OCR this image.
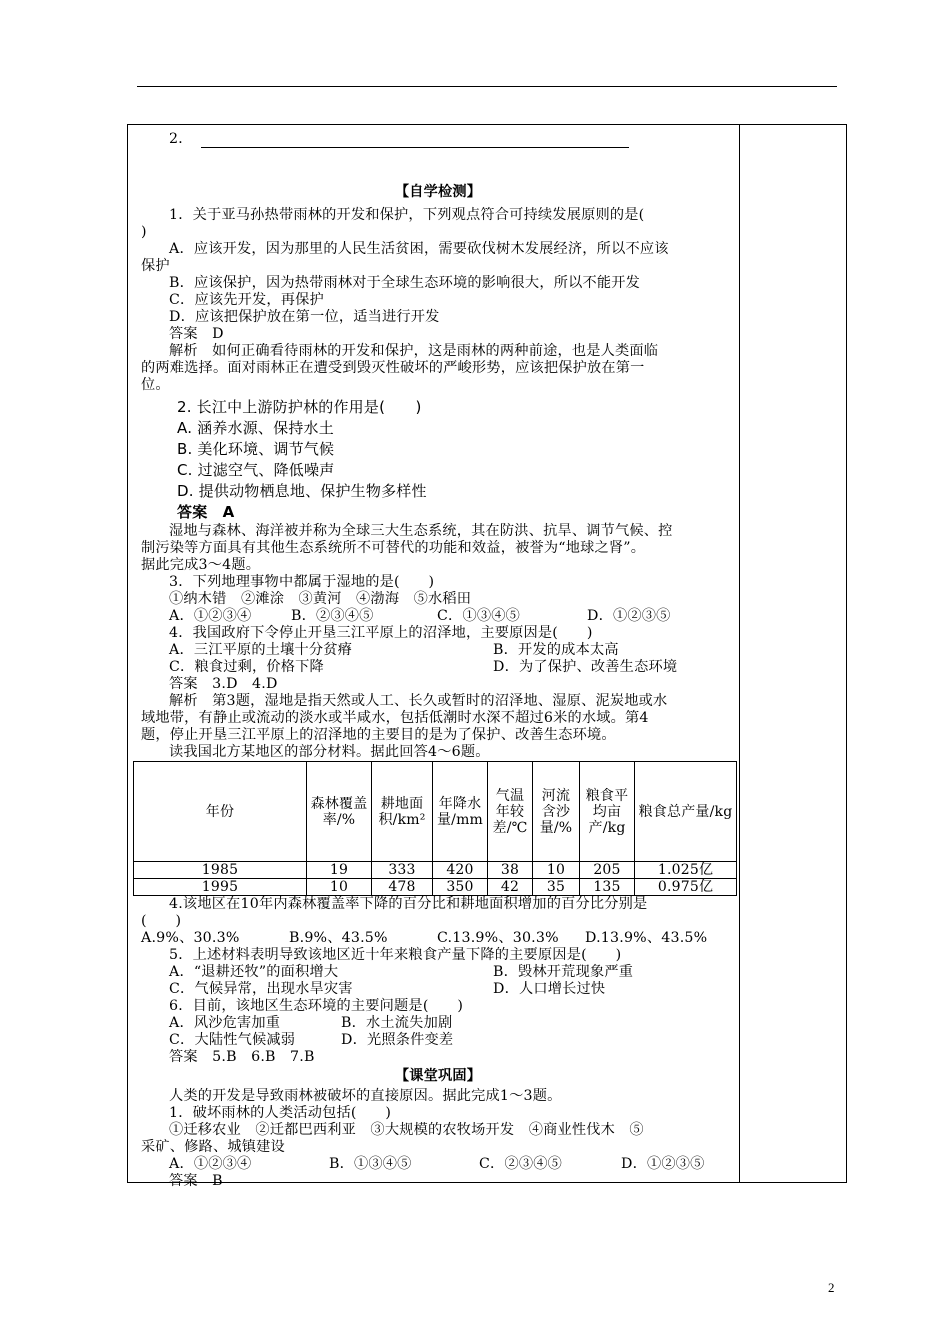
2．

【自学检测】

1．关于亚马孙热带雨林的开发和保护，下列观点符合可持续发展原则的是(

)

A．应该开发，因为那里的人民生活贫困，需要砍伐树木发展经济，所以不应该

保护

B．应该保护，因为热带雨林对于全球生态环境的影响很大，所以不能开发

C．应该先开发，再保护

D．应该把保护放在第一位，适当进行开发

答案　D

解析　如何正确看待雨林的开发和保护，这是雨林的两种前途，也是人类面临

的两难选择。面对雨林正在遭受到毁灭性破坏的严峻形势，应该把保护放在第一

位。

2. 长江中上游防护林的作用是(　　)

A. 涵养水源、保持水土

B. 美化环境、调节气候

C. 过滤空气、降低噪声

D. 提供动物栖息地、保护生物多样性

答案　A

湿地与森林、海洋被并称为全球三大生态系统，其在防洪、抗旱、调节气候、控

制污染等方面具有其他生态系统所不可替代的功能和效益，被誉为“地球之肾”。

据此完成3～4题。

3．下列地理事物中都属于湿地的是(　　)

①纳木错　②滩涂　③黄河　④渤海　⑤水稻田

A．①②③④	B．②③④⑤	C．①③④⑤	D．①②③⑤

4．我国政府下令停止开垦三江平原上的沼泽地，主要原因是(　　)

A．三江平原的土壤十分贫瘠	B．开发的成本太高
C．粮食过剩，价格下降	D．为了保护、改善生态环境

答案　3.D　4.D

解析　第3题，湿地是指天然或人工、长久或暂时的沼泽地、湿原、泥炭地或水

域地带，有静止或流动的淡水或半咸水，包括低潮时水深不超过6米的水域。第4

题，停止开垦三江平原上的沼泽地的主要目的是为了保护、改善生态环境。

读我国北方某地区的部分材料。据此回答4～6题。

年份	森林覆盖率/%	耕地面积/km²	年降水量/mm	气温年较差/℃	河流含沙量/%	粮食平均亩产/kg	粮食总产量/kg
1985	19	333	420	38	10	205	1.025亿
1995	10	478	350	42	35	135	0.975亿

4.该地区在10年内森林覆盖率下降的百分比和耕地面积增加的百分比分别是

(　　)

A.9%、30.3%	B.9%、43.5%	C.13.9%、30.3%	D.13.9%、43.5%

5．上述材料表明导致该地区近十年来粮食产量下降的主要原因是(　　)

A．“退耕还牧”的面积增大	B．毁林开荒现象严重
C．气候异常，出现水旱灾害	D．人口增长过快

6．目前，该地区生态环境的主要问题是(　　)

A．风沙危害加重	B．水土流失加剧
C．大陆性气候减弱	D．光照条件变差

答案　5.B　6.B　7.B

【课堂巩固】

人类的开发是导致雨林被破坏的直接原因。据此完成1～3题。

1．破坏雨林的人类活动包括(　　)

①迁移农业　②迁都巴西利亚　③大规模的农牧场开发　④商业性伐木　⑤

采矿、修路、城镇建设

A．①②③④	B．①③④⑤	C．②③④⑤	D．①②③⑤

答案　B

2
